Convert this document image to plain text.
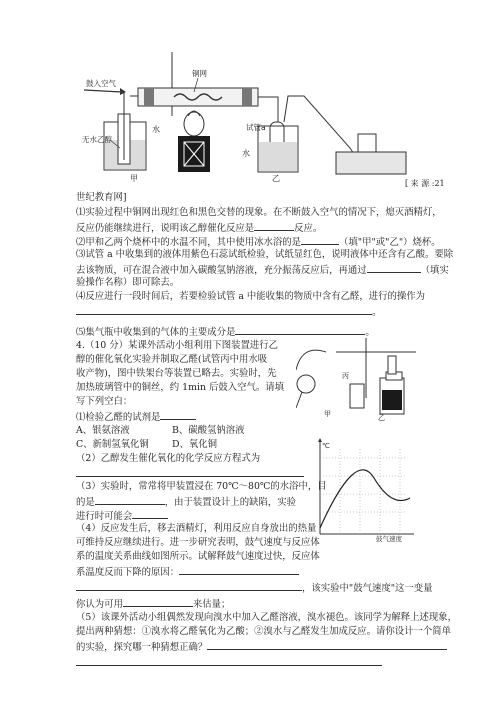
鼓入空气
无水乙醇
水
铜网
试管a
水
甲	乙
[ 来 源 :21
世纪教育网]
⑴实验过程中铜网出现红色和黑色交替的现象。在不断鼓入空气的情况下，熄灭酒精灯，
反应仍能继续进行，说明该乙醇催化反应是	反应。
⑵甲和乙两个烧杯中的水温不同，其中使用冰水浴的是	（填"甲"或"乙"）烧杯。
⑶试管 a 中收集到的液体用紫色石蕊试纸检验，试纸显红色，说明液体中还含有乙酸。要除
去该物质，可在混合液中加入碳酸氢钠溶液，充分振荡反应后，再通过	（填实
验操作名称）即可除去。
⑷反应进行一段时间后，若要检验试管 a 中能收集的物质中含有乙醛，进行的操作为
。
⑸集气瓶中收集到的气体的主要成分是	。
4.（10 分）某课外活动小组利用下图装置进行乙
醇的催化氧化实验并制取乙醛(试管丙中用水吸
收产物)，图中铁架台等装置已略去。实验时，先
加热玻璃管中的铜丝，约 1min 后鼓入空气。请填
写下列空白：
⑴检验乙醛的试剂是
A、银氨溶液	B、碳酸氢钠溶液
C、新制氢氧化铜 D、氧化铜
（2）乙醇发生催化氧化的化学反应方程式为
（3）实验时，常常将甲装置浸在 70℃～80℃的水浴中，目
的是	，由于装置设计上的缺陷，实验
进行时可能会
（4）反应发生后，移去酒精灯，利用反应自身放出的热量
可维持反应继续进行。进一步研究表明，鼓气速度与反应体
系的温度关系曲线如图所示。试解释鼓气速度过快，反应体
系温度反而下降的原因：
，该实验中"鼓气速度"这一变量
你认为可用	来估量；
（5）该课外活动小组偶然发现向溴水中加入乙醛溶液，溴水褪色。该同学为解释上述现象，
提出两种猜想：①溴水将乙醛氧化为乙酸；②溴水与乙醛发生加成反应。请你设计一个简单
的实验，探究哪一种猜想正确？
丙
甲	乙
℃
鼓气速度
